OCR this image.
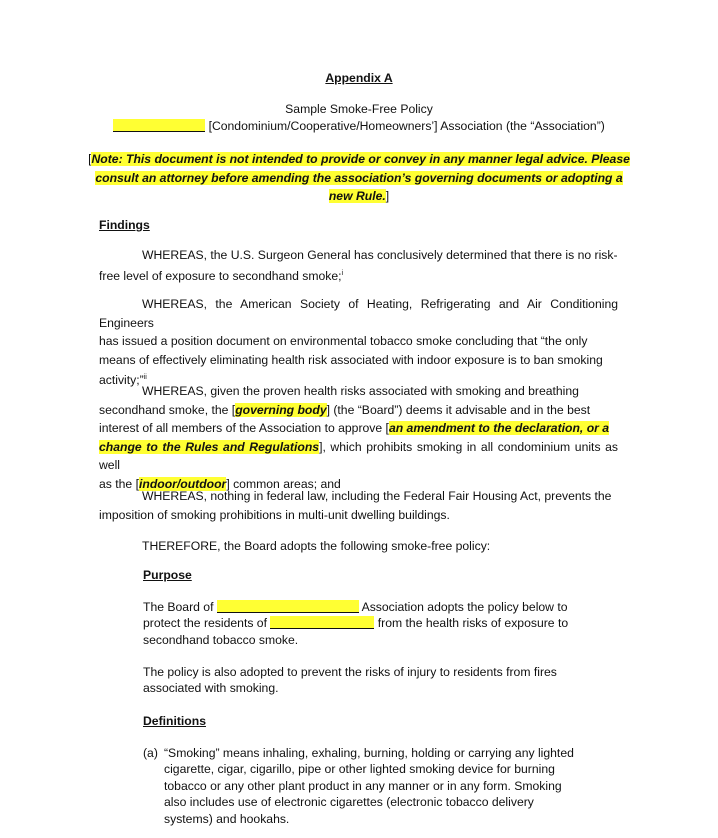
Appendix A
Sample Smoke-Free Policy
[Condominium/Cooperative/Homeowners’] Association (the “Association”)
[Note: This document is not intended to provide or convey in any manner legal advice. Please
consult an attorney before amending the association’s governing documents or adopting a
new Rule.]
Findings
WHEREAS, the U.S. Surgeon General has conclusively determined that there is no risk-
free level of exposure to secondhand smoke;$^i$
WHEREAS, the American Society of Heating, Refrigerating and Air Conditioning Engineers
has issued a position document on environmental tobacco smoke concluding that “the only
means of effectively eliminating health risk associated with indoor exposure is to ban smoking
activity;”$^{ii}$
WHEREAS, given the proven health risks associated with smoking and breathing
secondhand smoke, the [governing body] (the “Board”) deems it advisable and in the best
interest of all members of the Association to approve [an amendment to the declaration, or a
change to the Rules and Regulations], which prohibits smoking in all condominium units as well
as the [indoor/outdoor] common areas; and
WHEREAS, nothing in federal law, including the Federal Fair Housing Act, prevents the
imposition of smoking prohibitions in multi-unit dwelling buildings.
THEREFORE, the Board adopts the following smoke-free policy:
Purpose
The Board of	Association adopts the policy below to
protect the residents of	from the health risks of exposure to
secondhand tobacco smoke.
The policy is also adopted to prevent the risks of injury to residents from fires
associated with smoking.
Definitions
(a) “Smoking” means inhaling, exhaling, burning, holding or carrying any lighted
cigarette, cigar, cigarillo, pipe or other lighted smoking device for burning
tobacco or any other plant product in any manner or in any form. Smoking
also includes use of electronic cigarettes (electronic tobacco delivery
systems) and hookahs.
